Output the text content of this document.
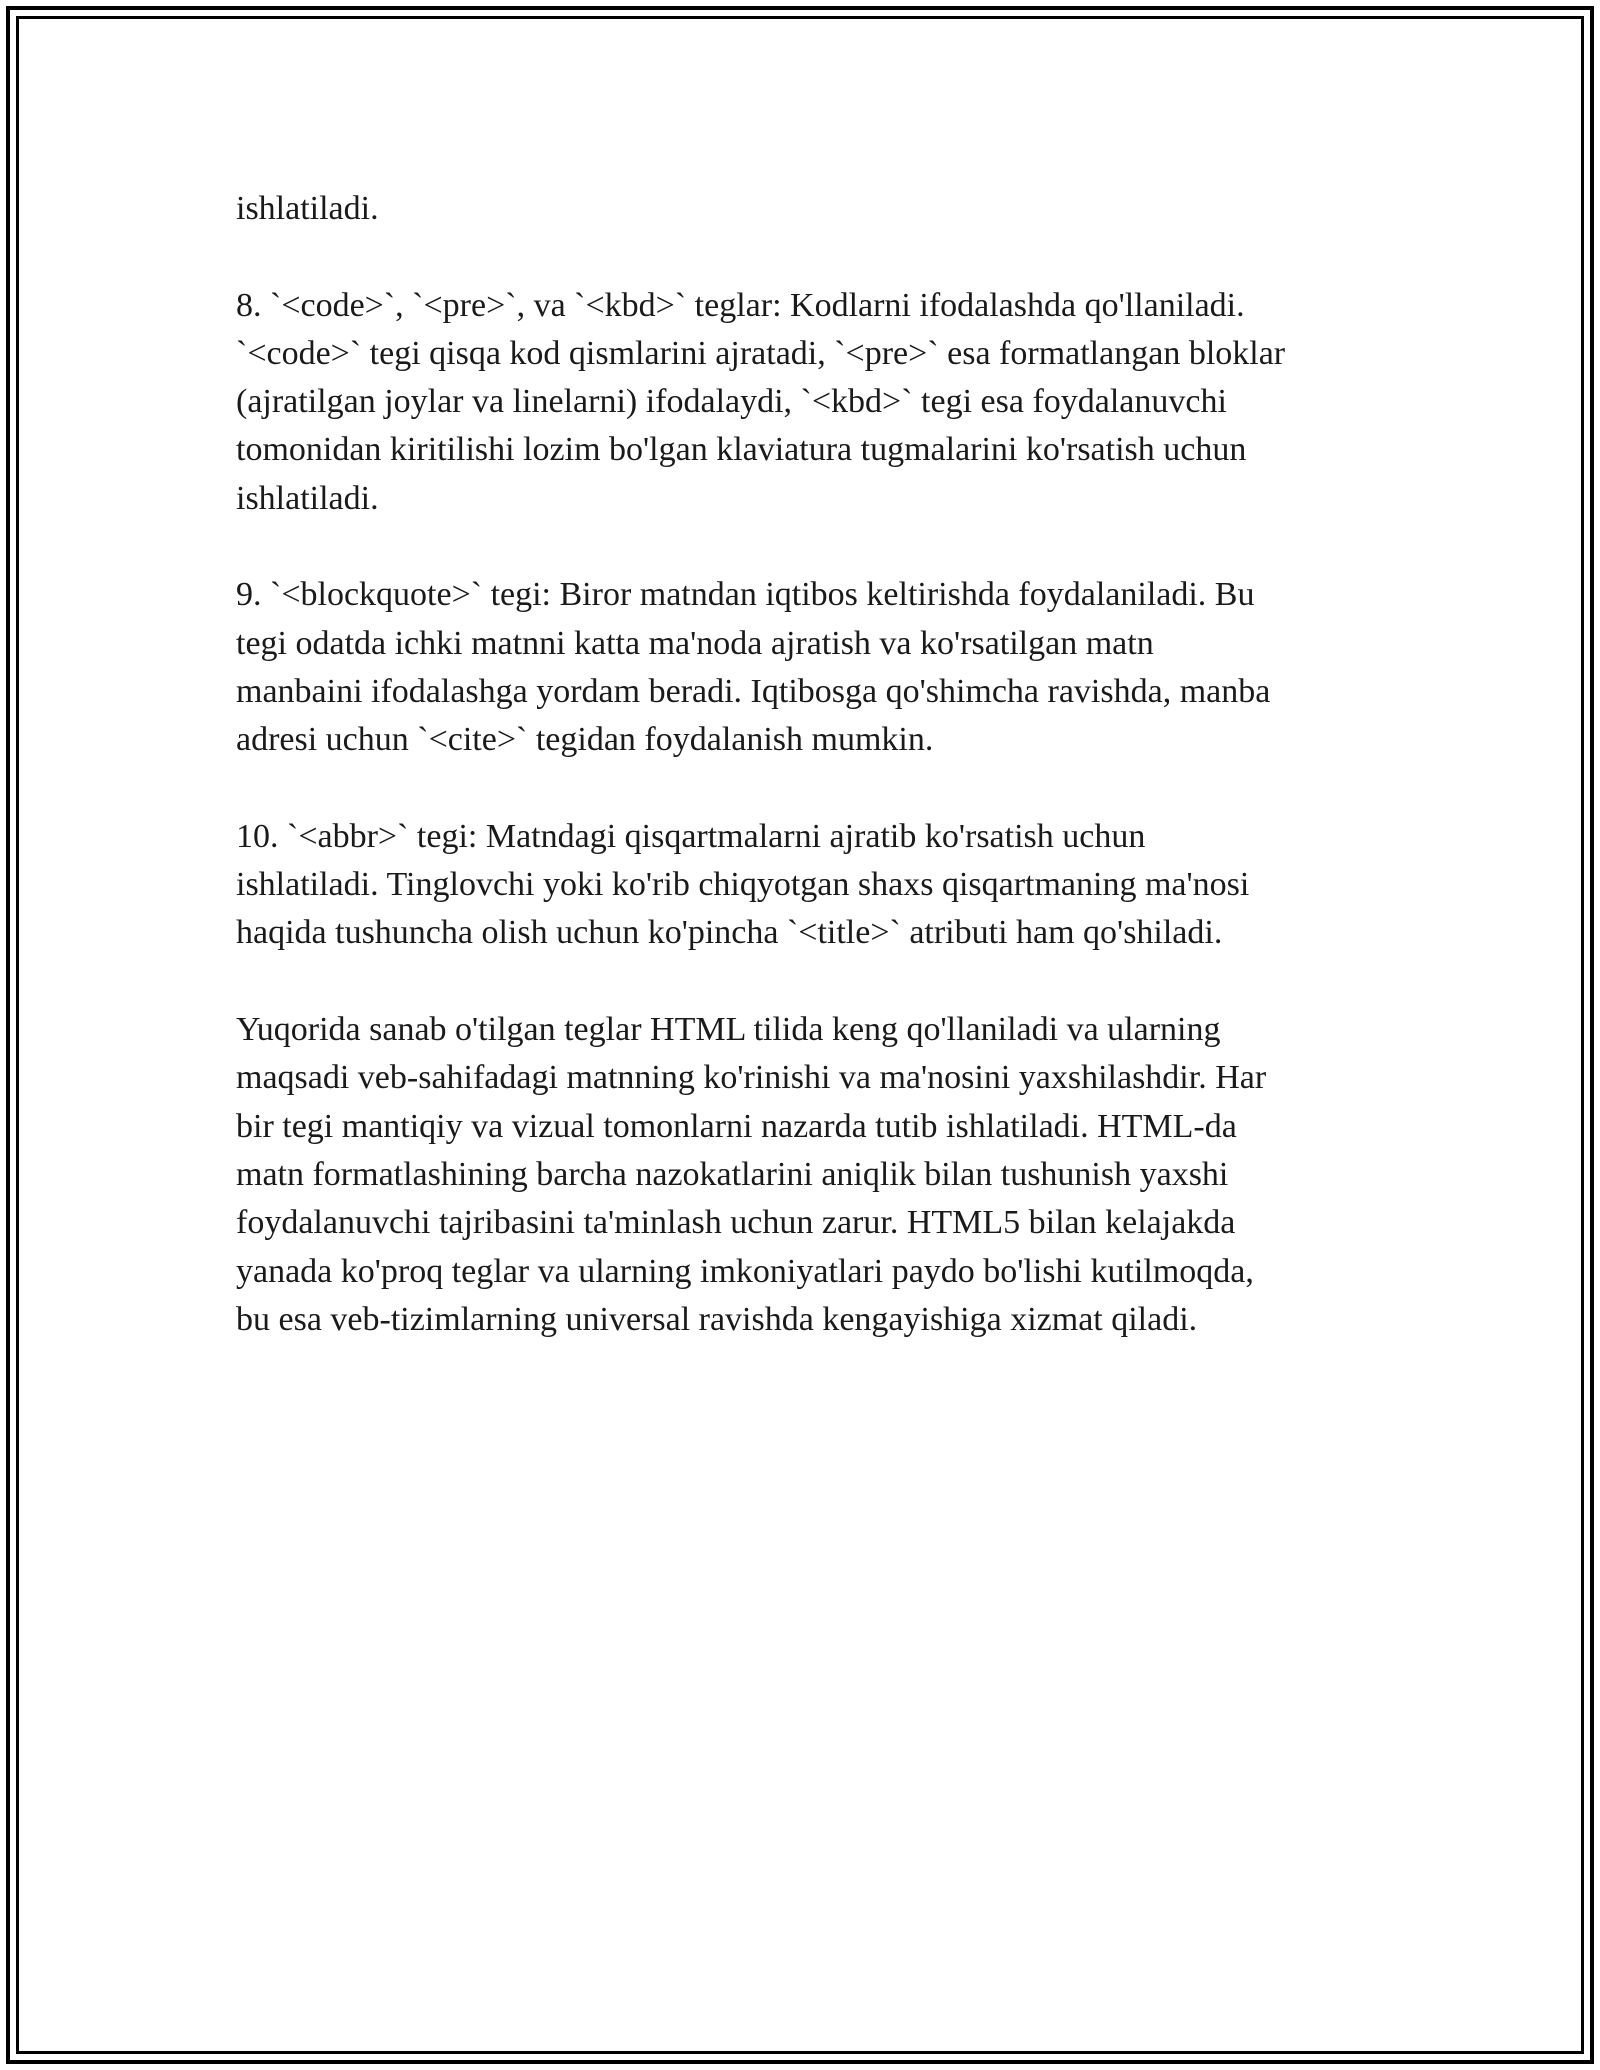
ishlatiladi.

8. `<code>`, `<pre>`, va `<kbd>` teglar: Kodlarni ifodalashda qo'llaniladi.
`<code>` tegi qisqa kod qismlarini ajratadi, `<pre>` esa formatlangan bloklar
(ajratilgan joylar va linelarni) ifodalaydi, `<kbd>` tegi esa foydalanuvchi
tomonidan kiritilishi lozim bo'lgan klaviatura tugmalarini ko'rsatish uchun
ishlatiladi.

9. `<blockquote>` tegi: Biror matndan iqtibos keltirishda foydalaniladi. Bu
tegi odatda ichki matnni katta ma'noda ajratish va ko'rsatilgan matn
manbaini ifodalashga yordam beradi. Iqtibosga qo'shimcha ravishda, manba
adresi uchun `<cite>` tegidan foydalanish mumkin.

10. `<abbr>` tegi: Matndagi qisqartmalarni ajratib ko'rsatish uchun
ishlatiladi. Tinglovchi yoki ko'rib chiqyotgan shaxs qisqartmaning ma'nosi
haqida tushuncha olish uchun ko'pincha `<title>` atributi ham qo'shiladi.

Yuqorida sanab o'tilgan teglar HTML tilida keng qo'llaniladi va ularning
maqsadi veb-sahifadagi matnning ko'rinishi va ma'nosini yaxshilashdir. Har
bir tegi mantiqiy va vizual tomonlarni nazarda tutib ishlatiladi. HTML-da
matn formatlashining barcha nazokatlarini aniqlik bilan tushunish yaxshi
foydalanuvchi tajribasini ta'minlash uchun zarur. HTML5 bilan kelajakda
yanada ko'proq teglar va ularning imkoniyatlari paydo bo'lishi kutilmoqda,
bu esa veb-tizimlarning universal ravishda kengayishiga xizmat qiladi.
